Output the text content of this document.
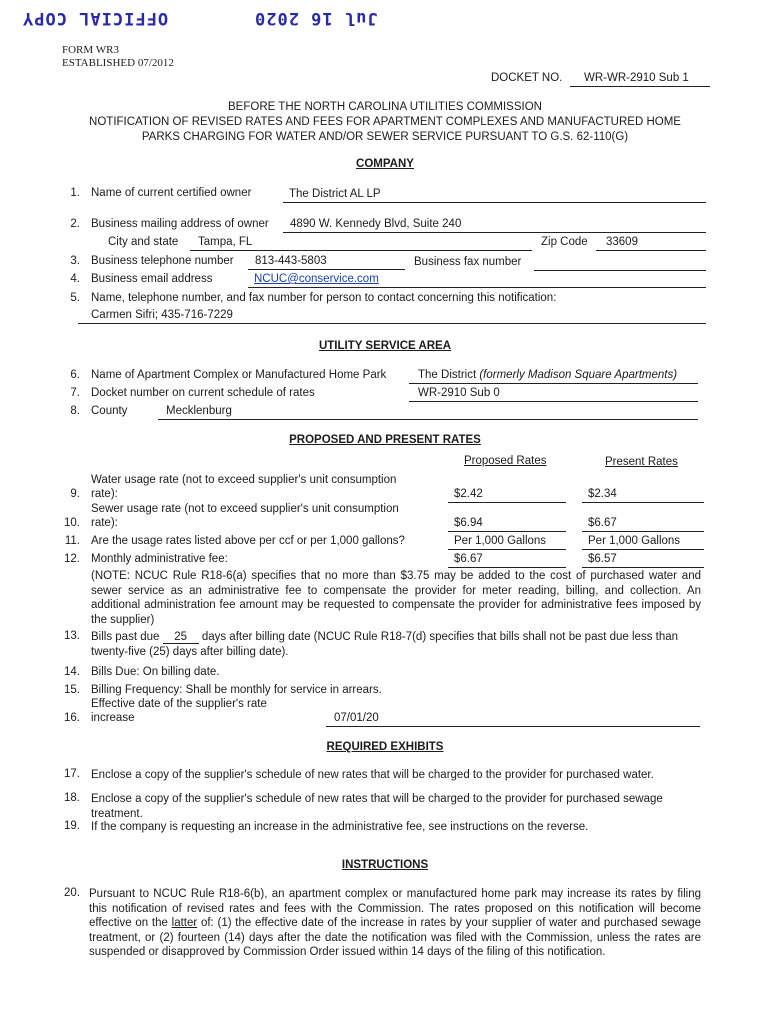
OFFICIAL COPY	Jul 16 2020
FORM WR3
ESTABLISHED 07/2012
DOCKET NO. WR-WR-2910 Sub 1
BEFORE THE NORTH CAROLINA UTILITIES COMMISSION
NOTIFICATION OF REVISED RATES AND FEES FOR APARTMENT COMPLEXES AND MANUFACTURED HOME
PARKS CHARGING FOR WATER AND/OR SEWER SERVICE PURSUANT TO G.S. 62-110(G)
COMPANY
1. Name of current certified owner	The District AL LP
2. Business mailing address of owner 4890 W. Kennedy Blvd, Suite 240
City and state Tampa, FL	Zip Code 33609
3. Business telephone number 813-443-5803	Business fax number
4. Business email address	NCUC@conservice.com
5. Name, telephone number, and fax number for person to contact concerning this notification:
Carmen Sifri; 435-716-7229
UTILITY SERVICE AREA
6. Name of Apartment Complex or Manufactured Home Park	The District (formerly Madison Square Apartments)
7. Docket number on current schedule of rates	WR-2910 Sub 0
8. County	Mecklenburg
PROPOSED AND PRESENT RATES
Proposed Rates	Present Rates
Water usage rate (not to exceed supplier's unit consumption
9. rate):	$2.42	$2.34
Sewer usage rate (not to exceed supplier's unit consumption
10. rate):	$6.94	$6.67
11. Are the usage rates listed above per ccf or per 1,000 gallons?	Per 1,000 Gallons	Per 1,000 Gallons
12. Monthly administrative fee:	$6.67	$6.57
(NOTE: NCUC Rule R18-6(a) specifies that no more than $3.75 may be added to the cost of purchased water and sewer service as an administrative fee to compensate the provider for meter reading, billing, and collection. An additional administration fee amount may be requested to compensate the provider for administrative fees imposed by the supplier)
13. Bills past due 25 days after billing date (NCUC Rule R18-7(d) specifies that bills shall not be past due less than twenty-five (25) days after billing date).
14. Bills Due: On billing date.
15. Billing Frequency: Shall be monthly for service in arrears.
Effective date of the supplier's rate
16. increase	07/01/20
REQUIRED EXHIBITS
17. Enclose a copy of the supplier's schedule of new rates that will be charged to the provider for purchased water.
18. Enclose a copy of the supplier's schedule of new rates that will be charged to the provider for purchased sewage treatment.
19. If the company is requesting an increase in the administrative fee, see instructions on the reverse.
INSTRUCTIONS
20. Pursuant to NCUC Rule R18-6(b), an apartment complex or manufactured home park may increase its rates by filing this notification of revised rates and fees with the Commission. The rates proposed on this notification will become effective on the latter of: (1) the effective date of the increase in rates by your supplier of water and purchased sewage treatment, or (2) fourteen (14) days after the date the notification was filed with the Commission, unless the rates are suspended or disapproved by Commission Order issued within 14 days of the filing of this notification.
